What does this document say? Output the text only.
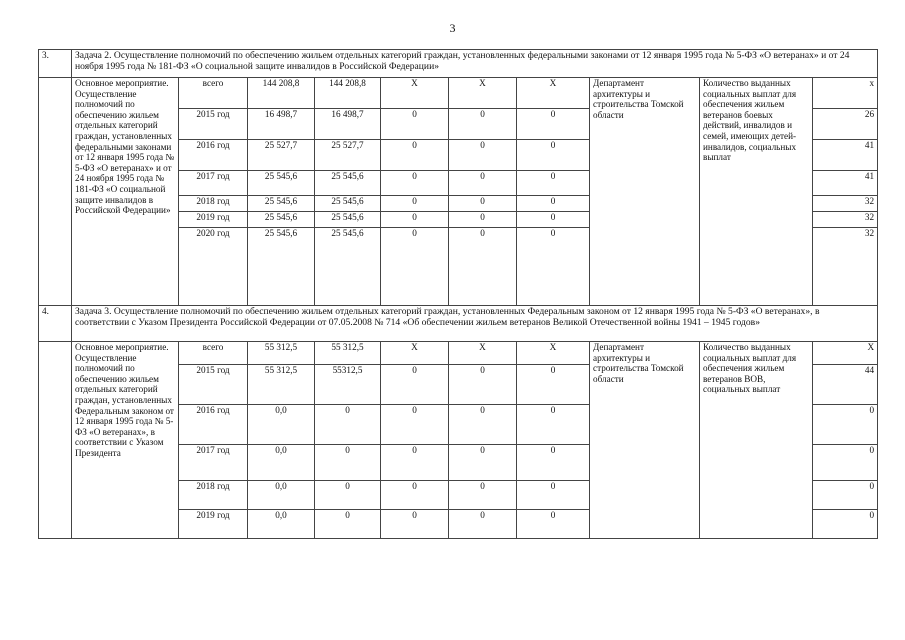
3
3.	Задача 2. Осуществление полномочий по обеспечению жильем отдельных категорий граждан, установленных федеральными законами от 12 января 1995 года № 5-ФЗ «О ветеранах» и от 24 ноября 1995 года № 181-ФЗ «О социальной защите инвалидов в Российской Федерации»									
	Основное мероприятие. Осуществление полномочий по обеспечению жильем отдельных категорий граждан, установленных федеральными законами от 12 января 1995 года № 5-ФЗ «О ветеранах» и от 24 ноября 1995 года № 181-ФЗ «О социальной защите инвалидов в Российской Федерации»	всего	144 208,8	144 208,8	Х	Х	Х	Департамент архитектуры и строительства Томской области	Количество выданных социальных выплат для обеспечения жильем ветеранов боевых действий, инвалидов и семей, имеющих детей-инвалидов, социальных выплат	х
		2015 год	16 498,7	16 498,7	0	0	0			26
		2016 год	25 527,7	25 527,7	0	0	0			41
		2017 год	25 545,6	25 545,6	0	0	0			41
		2018 год	25 545,6	25 545,6	0	0	0			32
		2019 год	25 545,6	25 545,6	0	0	0			32
		2020 год	25 545,6	25 545,6	0	0	0			32
4.	Задача 3. Осуществление полномочий по обеспечению жильем отдельных категорий граждан, установленных Федеральным законом от 12 января 1995 года № 5-ФЗ «О ветеранах», в соответствии с Указом Президента Российской Федерации от 07.05.2008 № 714 «Об обеспечении жильем ветеранов Великой Отечественной войны 1941 – 1945 годов»									
	Основное мероприятие. Осуществление полномочий по обеспечению жильем отдельных категорий граждан, установленных Федеральным законом от 12 января 1995 года № 5-ФЗ «О ветеранах», в соответствии с Указом Президента	всего	55 312,5	55 312,5	Х	Х	Х	Департамент архитектуры и строительства Томской области	Количество выданных социальных выплат для обеспечения жильем ветеранов ВОВ, социальных выплат	Х
		2015 год	55 312,5	55312,5	0	0	0			44
		2016 год	0,0	0	0	0	0			0
		2017 год	0,0	0	0	0	0			0
		2018 год	0,0	0	0	0	0			0
		2019 год	0,0	0	0	0	0			0
